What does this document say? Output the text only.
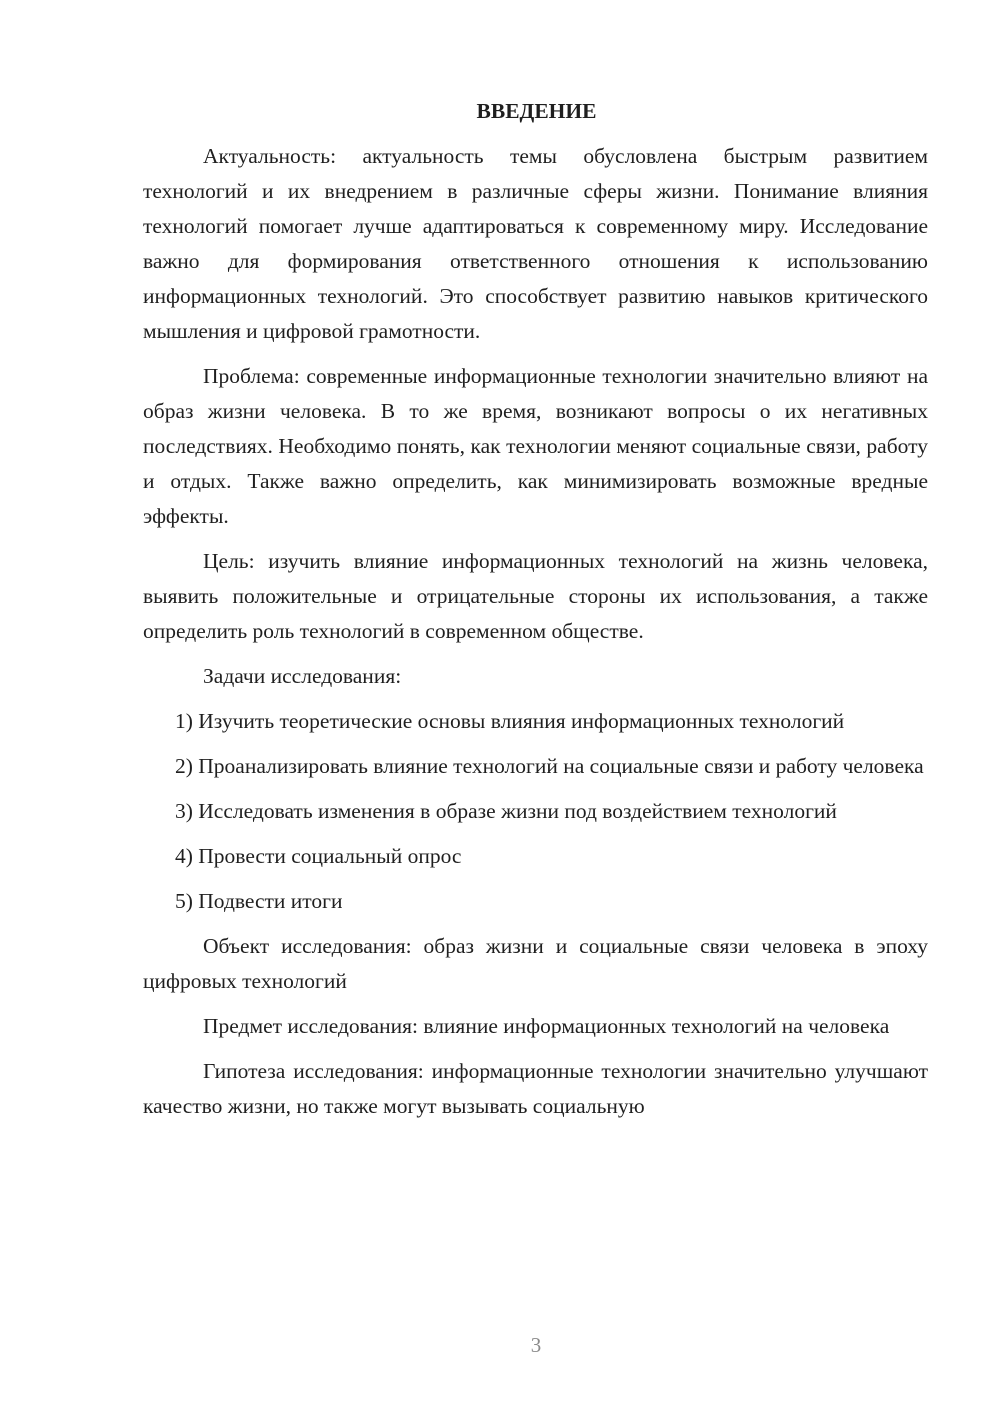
ВВЕДЕНИЕ

Актуальность: актуальность темы обусловлена быстрым развитием технологий и их внедрением в различные сферы жизни. Понимание влияния технологий помогает лучше адаптироваться к современному миру. Исследование важно для формирования ответственного отношения к использованию информационных технологий. Это способствует развитию навыков критического мышления и цифровой грамотности.

Проблема: современные информационные технологии значительно влияют на образ жизни человека. В то же время, возникают вопросы о их негативных последствиях. Необходимо понять, как технологии меняют социальные связи, работу и отдых. Также важно определить, как минимизировать возможные вредные эффекты.

Цель: изучить влияние информационных технологий на жизнь человека, выявить положительные и отрицательные стороны их использования, а также определить роль технологий в современном обществе.

Задачи исследования:

1) Изучить теоретические основы влияния информационных технологий

2) Проанализировать влияние технологий на социальные связи и работу человека

3) Исследовать изменения в образе жизни под воздействием технологий

4) Провести социальный опрос

5) Подвести итоги

Объект исследования: образ жизни и социальные связи человека в эпоху цифровых технологий

Предмет исследования: влияние информационных технологий на человека

Гипотеза исследования: информационные технологии значительно улучшают качество жизни, но также могут вызывать социальную

3
